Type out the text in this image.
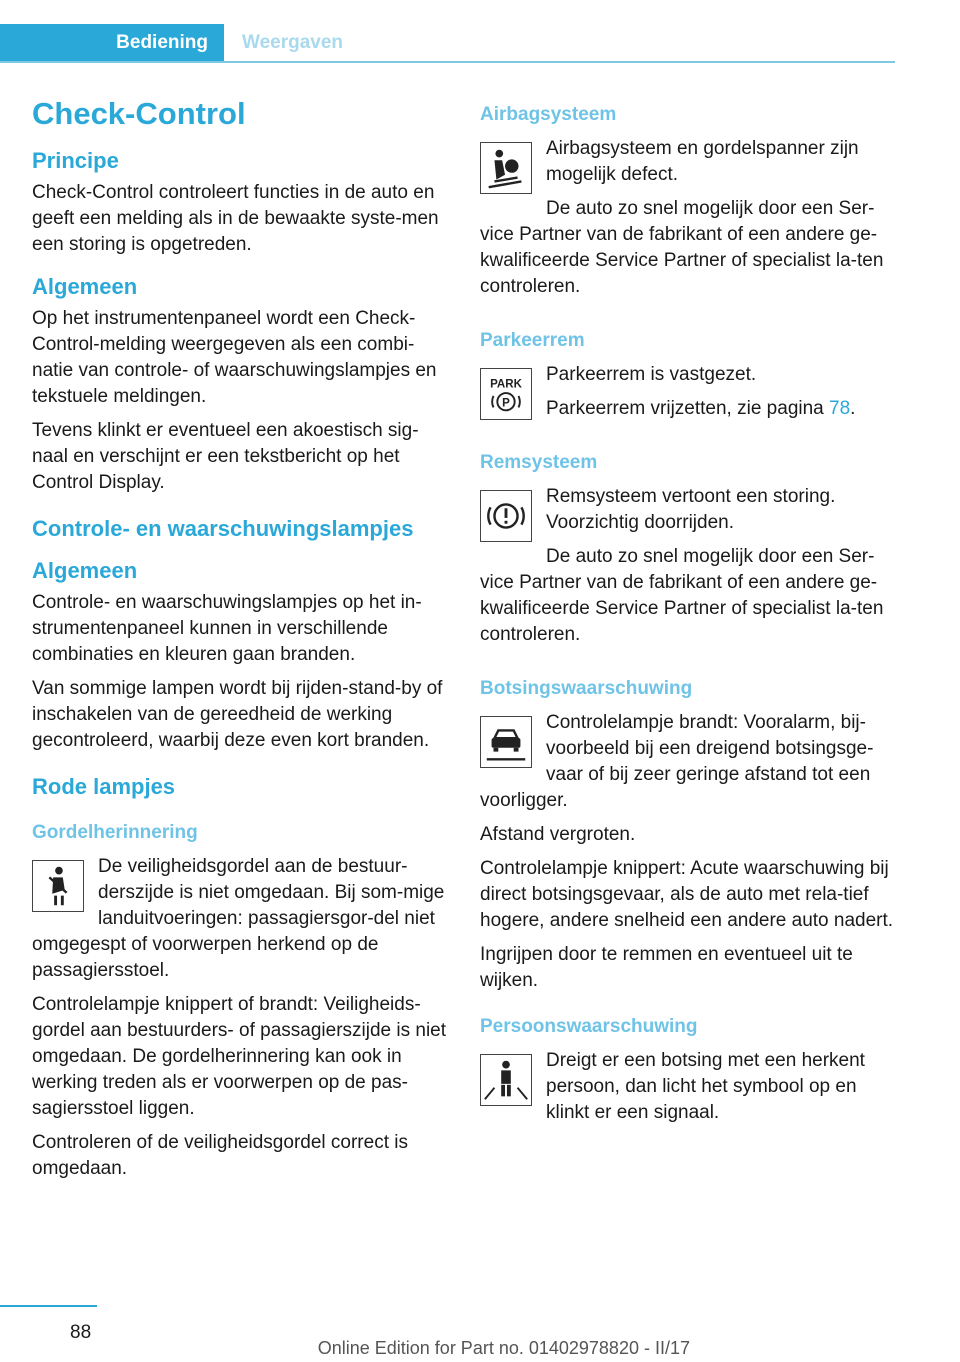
Bediening	Weergaven
Check-Control
Principe

Check-Control controleert functies in de auto en geeft een melding als in de bewaakte syste-men een storing is opgetreden.

Algemeen

Op het instrumentenpaneel wordt een Check-Control-melding weergegeven als een combi-natie van controle- of waarschuwingslampjes en tekstuele meldingen.

Tevens klinkt er eventueel een akoestisch sig-naal en verschijnt er een tekstbericht op het Control Display.

Controle- en waarschuwingslampjes
Algemeen

Controle- en waarschuwingslampjes op het in-strumentenpaneel kunnen in verschillende combinaties en kleuren gaan branden.

Van sommige lampen wordt bij rijden-stand-by of inschakelen van de gereedheid de werking gecontroleerd, waarbij deze even kort branden.

Rode lampjes
Gordelherinnering

De veiligheidsgordel aan de bestuur-derszijde is niet omgedaan. Bij som-mige landuitvoeringen: passagiersgor-del niet omgegespt of voorwerpen herkend op de passagiersstoel.

Controlelampje knippert of brandt: Veiligheids-gordel aan bestuurders- of passagierszijde is niet omgedaan. De gordelherinnering kan ook in werking treden als er voorwerpen op de pas-sagiersstoel liggen.

Controleren of de veiligheidsgordel correct is omgedaan.

Airbagsysteem

Airbagsysteem en gordelspanner zijn mogelijk defect.

De auto zo snel mogelijk door een Ser-vice Partner van de fabrikant of een andere ge-kwalificeerde Service Partner of specialist la-ten controleren.

Parkeerrem
PARK
P

Parkeerrem is vastgezet.

Parkeerrem vrijzetten, zie pagina 78.

Remsysteem

Remsysteem vertoont een storing. Voorzichtig doorrijden.

De auto zo snel mogelijk door een Ser-vice Partner van de fabrikant of een andere ge-kwalificeerde Service Partner of specialist la-ten controleren.

Botsingswaarschuwing

Controlelampje brandt: Vooralarm, bij-voorbeeld bij een dreigend botsingsge-vaar of bij zeer geringe afstand tot een voorligger.

Afstand vergroten.

Controlelampje knippert: Acute waarschuwing bij direct botsingsgevaar, als de auto met rela-tief hogere, andere snelheid een andere auto nadert.

Ingrijpen door te remmen en eventueel uit te wijken.

Persoonswaarschuwing

Dreigt er een botsing met een herkent persoon, dan licht het symbool op en klinkt er een signaal.

88
Online Edition for Part no. 01402978820 - II/17
